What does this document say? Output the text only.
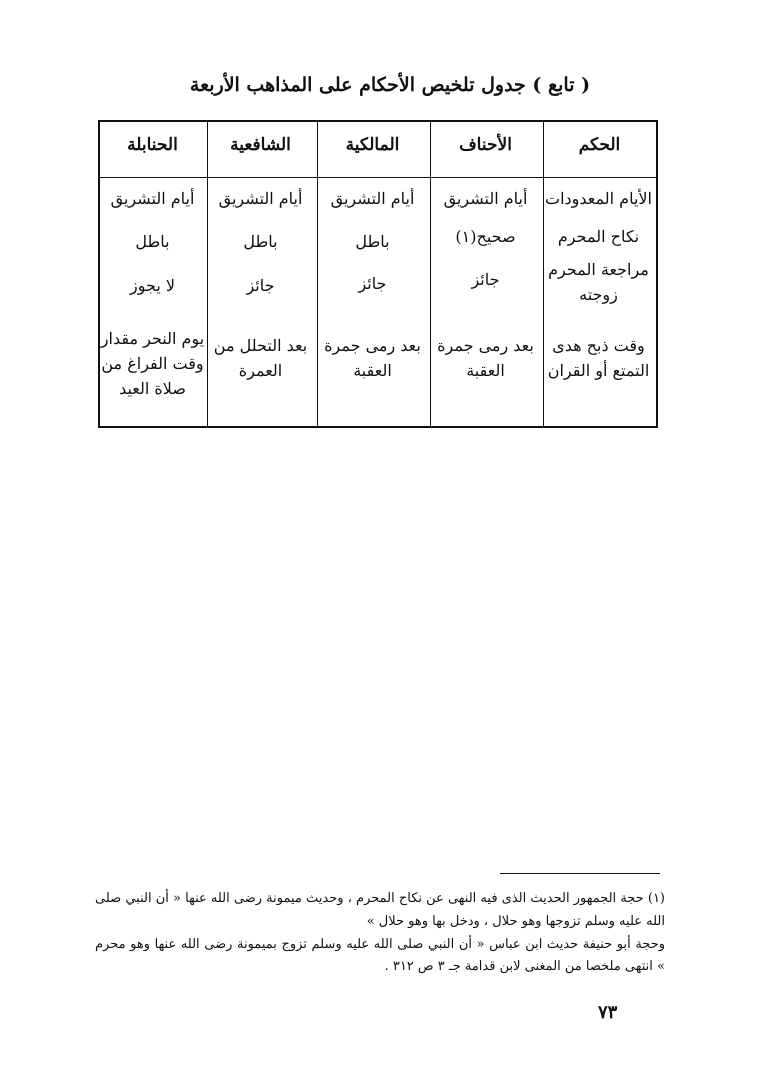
( تابع ) جدول تلخيص الأحكام على المذاهب الأربعة
الحكم
الأحناف
المالكية
الشافعية
الحنابلة
الأيام المعدودات
أيام التشريق
أيام التشريق
أيام التشريق
أيام التشريق
نكاح المحرم
صحيح(١)
باطل
باطل
باطل
مراجعة المحرم زوجته
جائز
جائز
جائز
لا يجوز
وقت ذبح هدى التمتع أو القران
بعد رمى جمرة العقبة
بعد رمى جمرة العقبة
بعد التحلل من العمرة
يوم النحر مقدار وقت الفراغ من صلاة العيد
(١) حجة الجمهور الحديث الذى فيه النهى عن نكاح المحرم ، وحديث ميمونة رضى الله عنها « أن النبي صلى الله عليه وسلم تزوجها وهو حلال ، ودخل بها وهو حلال »
وحجة أبو حنيفة حديث ابن عباس « أن النبي صلى الله عليه وسلم تزوج بميمونة رضى الله عنها وهو محرم » انتهى ملخصا من المغنى لابن قدامة جـ ٣ ص ٣١٢ .
٧٣
